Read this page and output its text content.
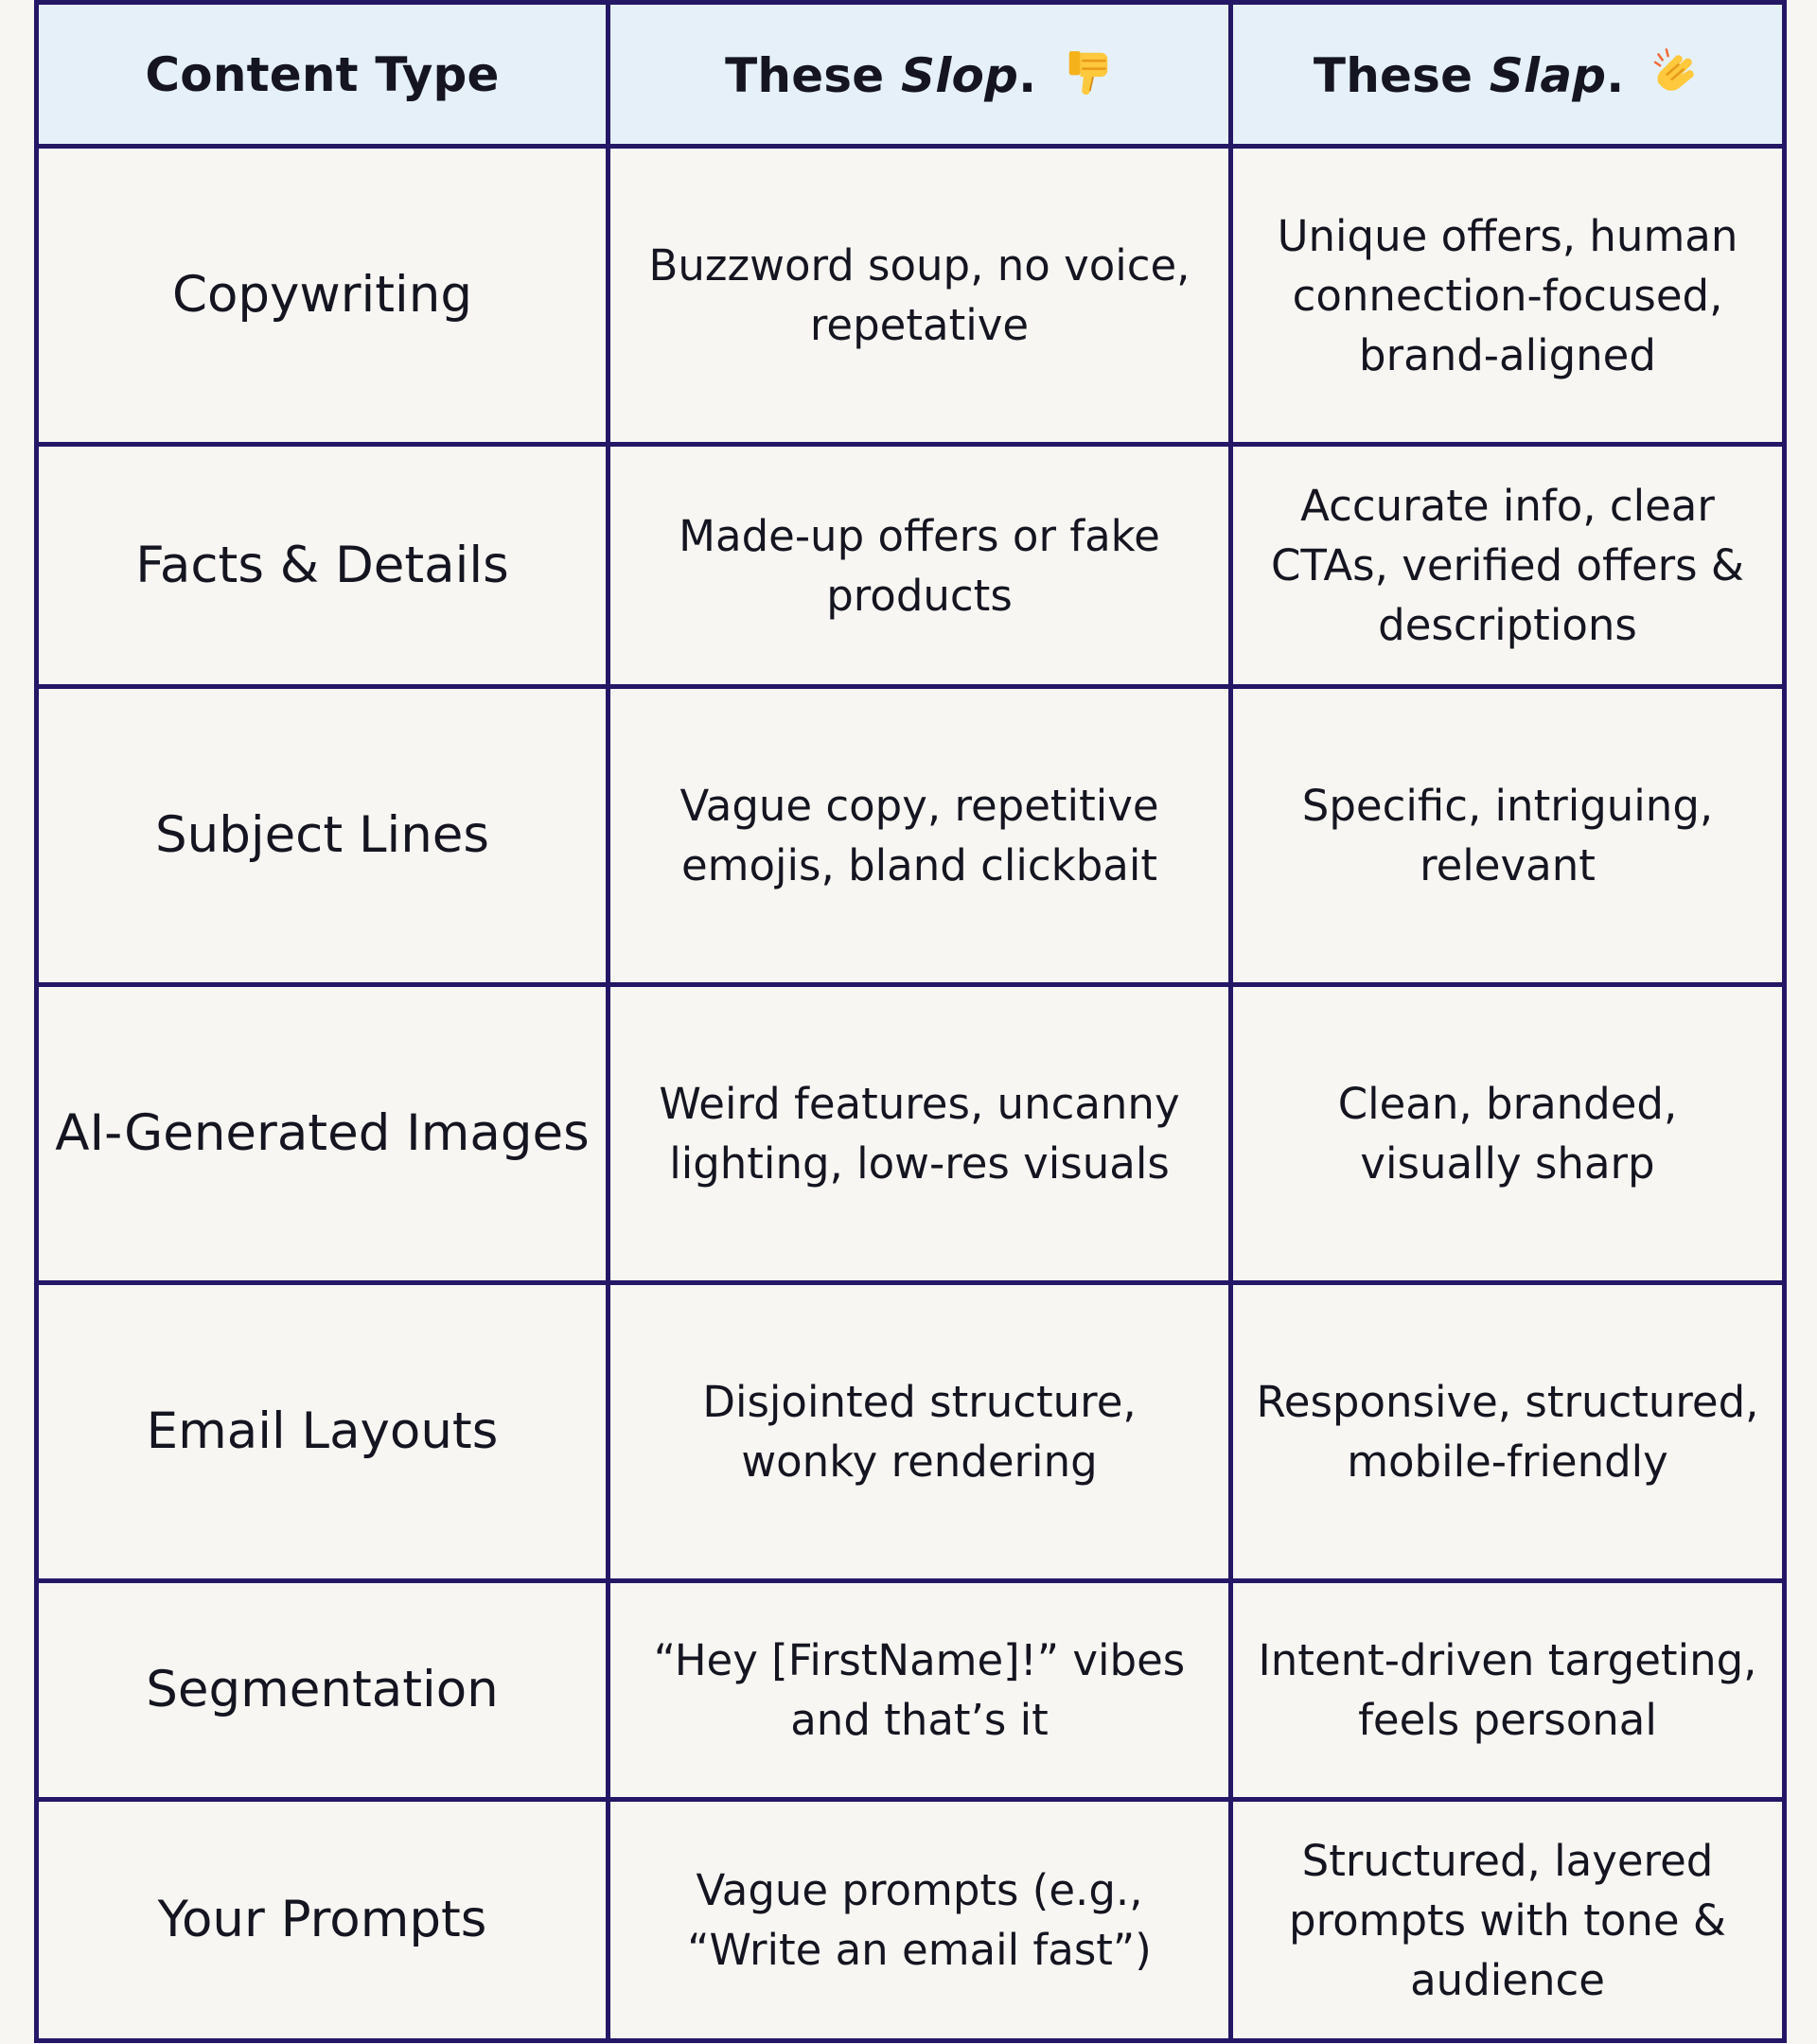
Content Type	These Slop.	These Slap.
Copywriting	Buzzword soup, no voice, repetative	Unique offers, human connection-focused, brand-aligned
Facts & Details	Made-up offers or fake products	Accurate info, clear CTAs, verified offers & descriptions
Subject Lines	Vague copy, repetitive emojis, bland clickbait	Specific, intriguing, relevant
AI-Generated Images	Weird features, uncanny lighting, low-res visuals	Clean, branded, visually sharp
Email Layouts	Disjointed structure, wonky rendering	Responsive, structured, mobile-friendly
Segmentation	“Hey [FirstName]!” vibes and that’s it	Intent-driven targeting, feels personal
Your Prompts	Vague prompts (e.g., “Write an email fast”)	Structured, layered prompts with tone & audience
